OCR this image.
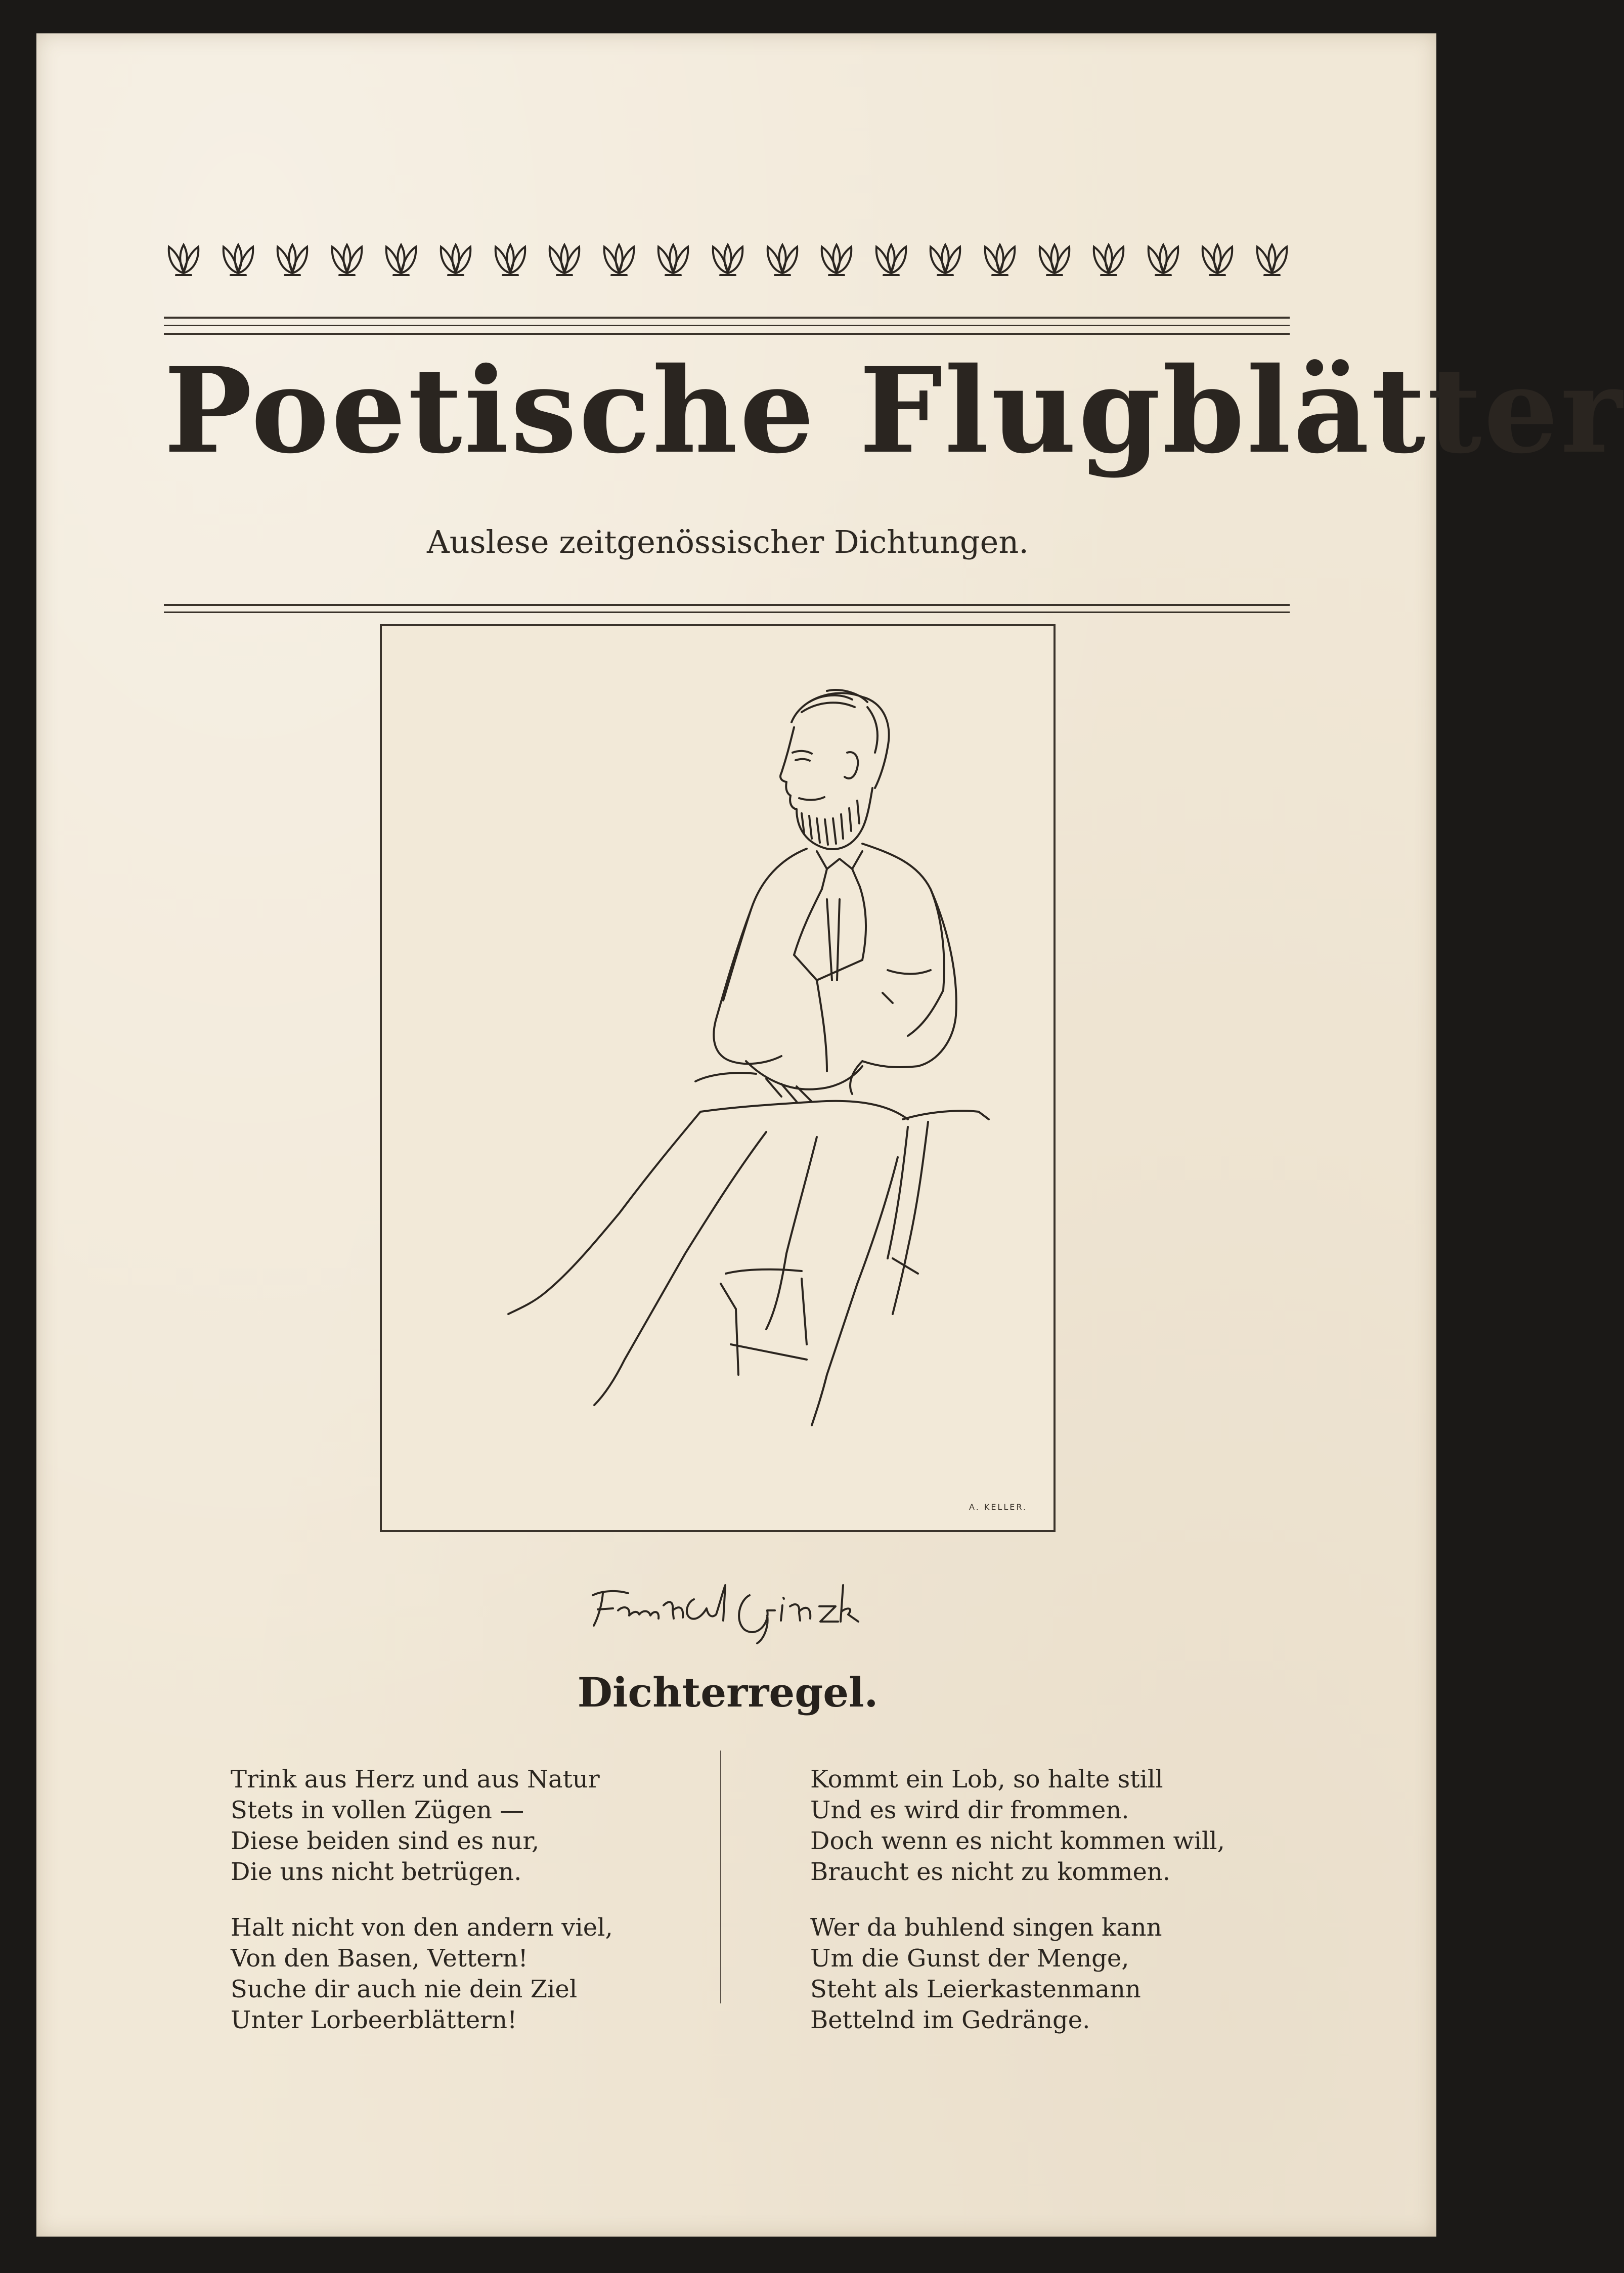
Poetische Flugblätter
Auslese zeitgenössischer Dichtungen.
A. KELLER.
Dichterregel.
Trink aus Herz und aus Natur
Stets in vollen Zügen —
Diese beiden sind es nur,
Die uns nicht betrügen.
Halt nicht von den andern viel,
Von den Basen, Vettern!
Suche dir auch nie dein Ziel
Unter Lorbeerblättern!
Kommt ein Lob, so halte still
Und es wird dir frommen.
Doch wenn es nicht kommen will,
Braucht es nicht zu kommen.
Wer da buhlend singen kann
Um die Gunst der Menge,
Steht als Leierkastenmann
Bettelnd im Gedränge.
